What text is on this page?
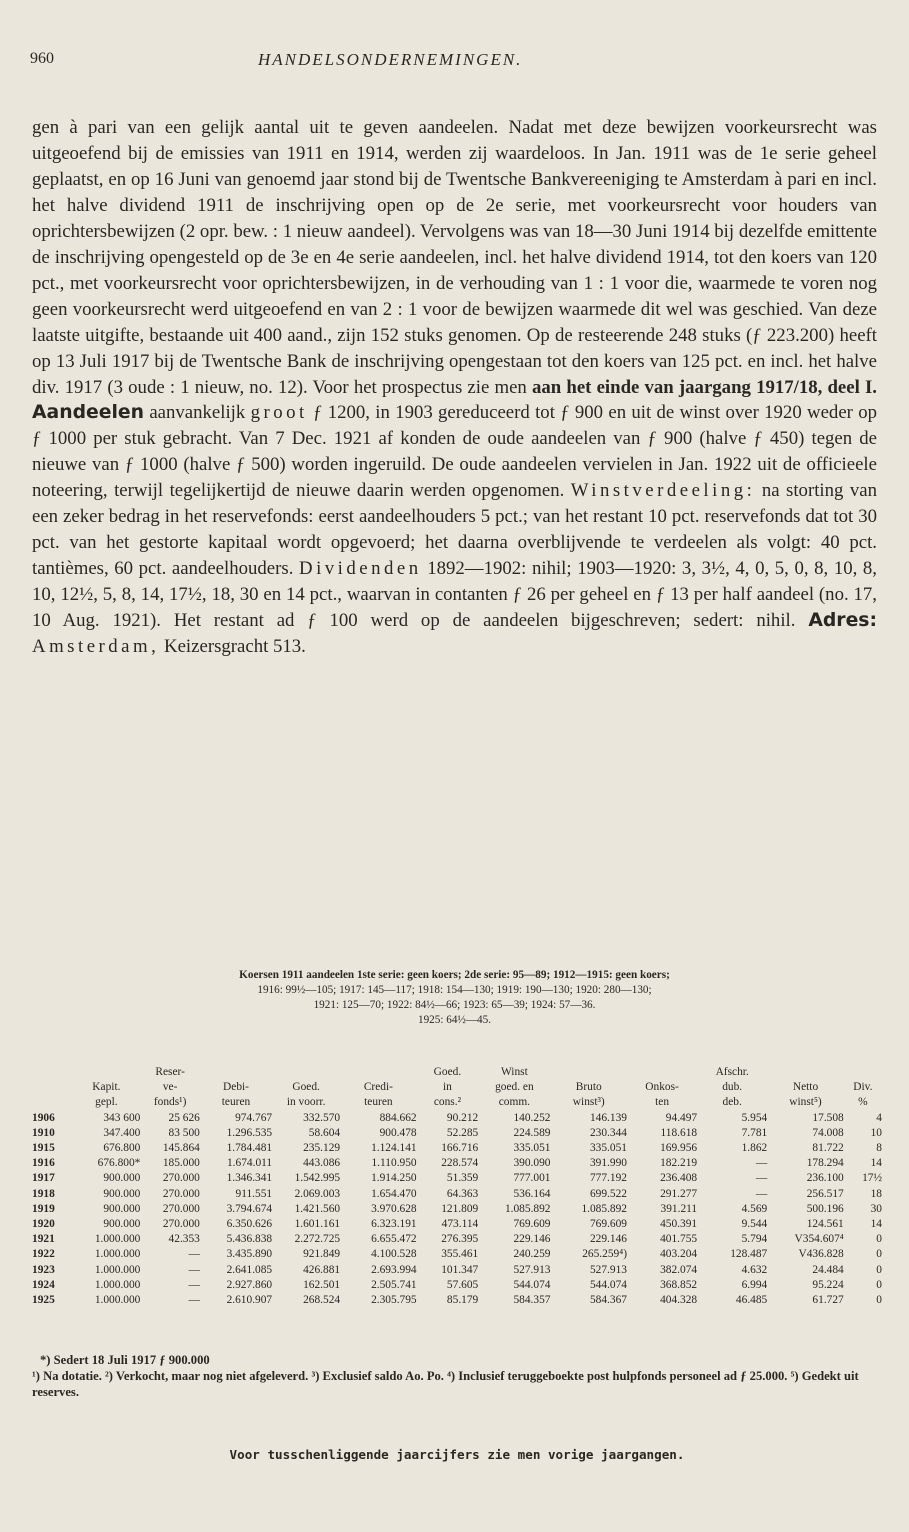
960	HANDELSONDERNEMINGEN.

gen à pari van een gelijk aantal uit te geven aandeelen. Nadat met deze bewijzen voorkeursrecht was uitgeoefend bij de emissies van 1911 en 1914, werden zij waardeloos. In Jan. 1911 was de 1e serie geheel geplaatst, en op 16 Juni van genoemd jaar stond bij de Twentsche Bankvereeniging te Amsterdam à pari en incl. het halve dividend 1911 de inschrijving open op de 2e serie, met voorkeursrecht voor houders van oprichtersbewijzen (2 opr. bew. : 1 nieuw aandeel). Vervolgens was van 18—30 Juni 1914 bij dezelfde emittente de inschrijving opengesteld op de 3e en 4e serie aandeelen, incl. het halve dividend 1914, tot den koers van 120 pct., met voorkeursrecht voor oprichtersbewijzen, in de verhouding van 1 : 1 voor die, waarmede te voren nog geen voorkeursrecht werd uitgeoefend en van 2 : 1 voor de bewijzen waarmede dit wel was geschied. Van deze laatste uitgifte, bestaande uit 400 aand., zijn 152 stuks genomen. Op de resteerende 248 stuks (ƒ 223.200) heeft op 13 Juli 1917 bij de Twentsche Bank de inschrijving opengestaan tot den koers van 125 pct. en incl. het halve div. 1917 (3 oude : 1 nieuw, no. 12). Voor het prospectus zie men aan het einde van jaargang 1917/18, deel I. Aandeelen aanvankelijk groot ƒ 1200, in 1903 gereduceerd tot ƒ 900 en uit de winst over 1920 weder op ƒ 1000 per stuk gebracht. Van 7 Dec. 1921 af konden de oude aandeelen van ƒ 900 (halve ƒ 450) tegen de nieuwe van ƒ 1000 (halve ƒ 500) worden ingeruild. De oude aandeelen vervielen in Jan. 1922 uit de officieele noteering, terwijl tegelijkertijd de nieuwe daarin werden opgenomen. Winstverdeeling: na storting van een zeker bedrag in het reservefonds: eerst aandeelhouders 5 pct.; van het restant 10 pct. reservefonds dat tot 30 pct. van het gestorte kapitaal wordt opgevoerd; het daarna overblijvende te verdeelen als volgt: 40 pct. tantièmes, 60 pct. aandeelhouders. Dividenden 1892—1902: nihil; 1903—1920: 3, 3½, 4, 0, 5, 0, 8, 10, 8, 10, 12½, 5, 8, 14, 17½, 18, 30 en 14 pct., waarvan in contanten ƒ 26 per geheel en ƒ 13 per half aandeel (no. 17, 10 Aug. 1921). Het restant ad ƒ 100 werd op de aandeelen bijgeschreven; sedert: nihil. Adres: Amsterdam, Keizersgracht 513.

Koersen 1911 aandeelen 1ste serie: geen koers; 2de serie: 95—89; 1912—1915: geen koers;
1916: 99½—105; 1917: 145—117; 1918: 154—130; 1919: 190—130; 1920: 280—130;
1921: 125—70; 1922: 84½—66; 1923: 65—39; 1924: 57—36.
1925: 64½—45.
		Reser-				Goed.	Winst			Afschr.		
	Kapit.	ve-	Debi-	Goed.	Credi-	in	goed. en	Bruto	Onkos-	dub.	Netto	Div.
	gepl.	fonds¹)	teuren	in voorr.	teuren	cons.²	comm.	winst³)	ten	deb.	winst⁵)	%
1906	343 600	25 626	974.767	332.570	884.662	90.212	140.252	146.139	94.497	5.954	17.508	4
1910	347.400	83 500	1.296.535	58.604	900.478	52.285	224.589	230.344	118.618	7.781	74.008	10
1915	676.800	145.864	1.784.481	235.129	1.124.141	166.716	335.051	335.051	169.956	1.862	81.722	8
1916	676.800*	185.000	1.674.011	443.086	1.110.950	228.574	390.090	391.990	182.219	—	178.294	14
1917	900.000	270.000	1.346.341	1.542.995	1.914.250	51.359	777.001	777.192	236.408	—	236.100	17½
1918	900.000	270.000	911.551	2.069.003	1.654.470	64.363	536.164	699.522	291.277	—	256.517	18
1919	900.000	270.000	3.794.674	1.421.560	3.970.628	121.809	1.085.892	1.085.892	391.211	4.569	500.196	30
1920	900.000	270.000	6.350.626	1.601.161	6.323.191	473.114	769.609	769.609	450.391	9.544	124.561	14
1921	1.000.000	42.353	5.436.838	2.272.725	6.655.472	276.395	229.146	229.146	401.755	5.794	V354.607⁴	0
1922	1.000.000	—	3.435.890	921.849	4.100.528	355.461	240.259	265.259⁴)	403.204	128.487	V436.828	0
1923	1.000.000	—	2.641.085	426.881	2.693.994	101.347	527.913	527.913	382.074	4.632	24.484	0
1924	1.000.000	—	2.927.860	162.501	2.505.741	57.605	544.074	544.074	368.852	6.994	95.224	0
1925	1.000.000	—	2.610.907	268.524	2.305.795	85.179	584.357	584.367	404.328	46.485	61.727	0
*) Sedert 18 Juli 1917 ƒ 900.000
¹) Na dotatie. ²) Verkocht, maar nog niet afgeleverd. ³) Exclusief saldo Ao. Po. ⁴) Inclusief teruggeboekte post hulpfonds personeel ad ƒ 25.000. ⁵) Gedekt uit reserves.
Voor tusschenliggende jaarcijfers zie men vorige jaargangen.
